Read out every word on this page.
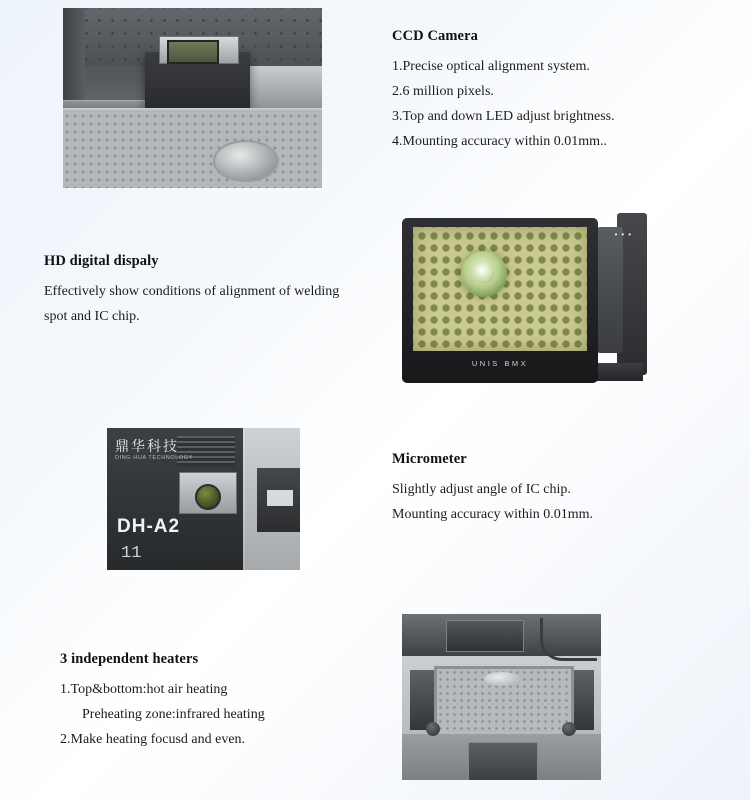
CCD Camera
1.Precise optical alignment system.
2.6 million pixels.
3.Top and down LED adjust brightness.
4.Mounting accuracy within 0.01mm..
HD digital dispaly
Effectively show conditions of alignment of welding
spot and IC chip.
•••
UNIS BMX
鼎华科技
DING HUA TECHNOLOGY
DH-A2
11
Micrometer
Slightly adjust angle of IC chip.
Mounting accuracy within 0.01mm.
3 independent heaters
1.Top&bottom:hot air heating
Preheating zone:infrared heating
2.Make heating focusd and even.
